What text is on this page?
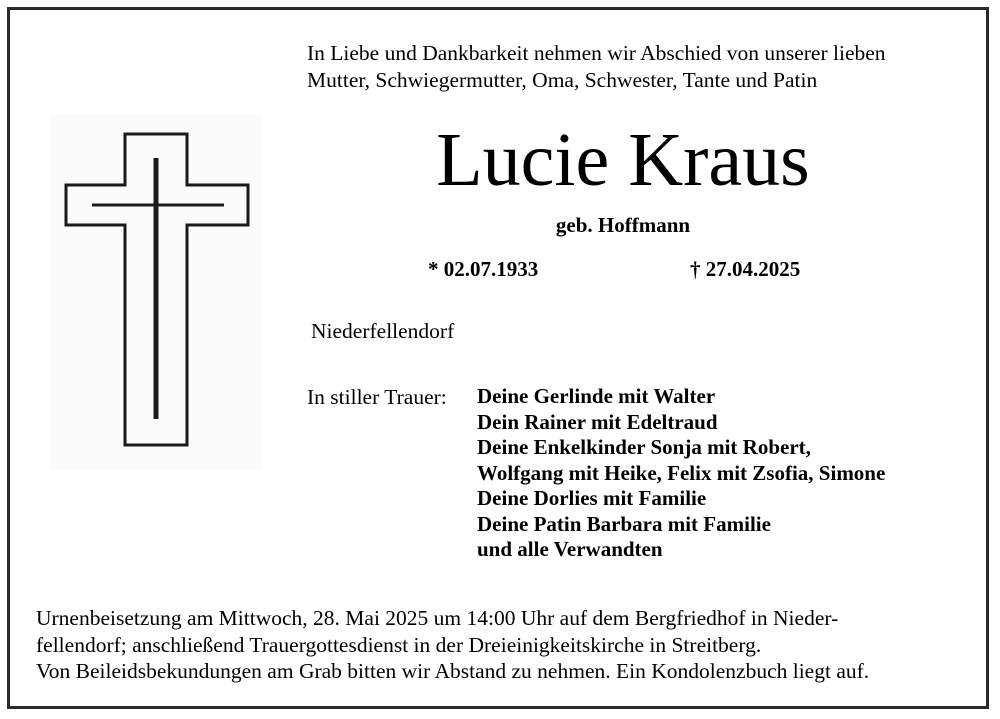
In Liebe und Dankbarkeit nehmen wir Abschied von unserer lieben
Mutter, Schwiegermutter, Oma, Schwester, Tante und Patin
Lucie Kraus
geb. Hoffmann
* 02.07.1933	† 27.04.2025
Niederfellendorf
In stiller Trauer: Deine Gerlinde mit Walter
Dein Rainer mit Edeltraud
Deine Enkelkinder Sonja mit Robert,
Wolfgang mit Heike, Felix mit Zsofia, Simone
Deine Dorlies mit Familie
Deine Patin Barbara mit Familie
und alle Verwandten
Urnenbeisetzung am Mittwoch, 28. Mai 2025 um 14:00 Uhr auf dem Bergfriedhof in Nieder-
fellendorf; anschließend Trauergottesdienst in der Dreieinigkeitskirche in Streitberg.
Von Beileidsbekundungen am Grab bitten wir Abstand zu nehmen. Ein Kondolenzbuch liegt auf.
